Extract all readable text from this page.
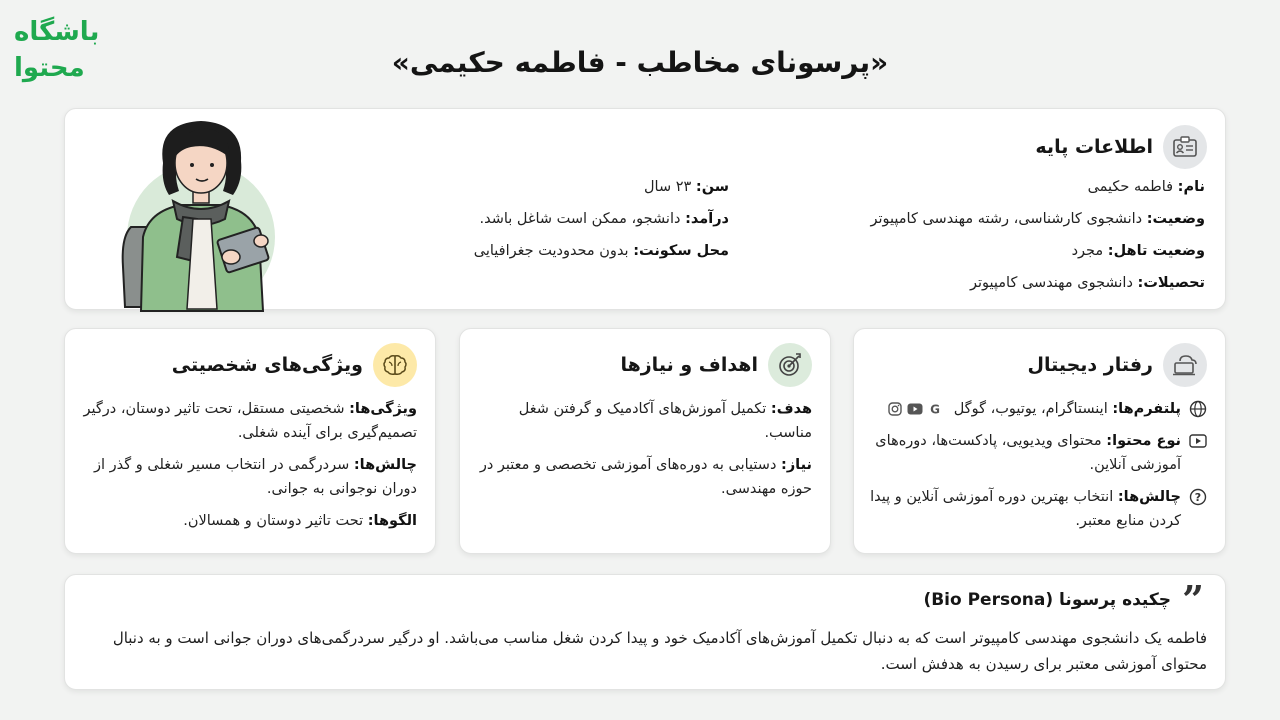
باشگاه
محتوا	«پرسونای مخاطب - فاطمه حکیمی»
اطلاعات پایه
نام: فاطمه حکیمی
وضعیت: دانشجوی کارشناسی، رشته مهندسی کامپیوتر
وضعیت تاهل: مجرد
تحصیلات: دانشجوی مهندسی کامپیوتر
سن: ۲۳ سال
درآمد: دانشجو، ممکن است شاغل باشد.
محل سکونت: بدون محدودیت جغرافیایی
رفتار دیجیتال
پلتفرم‌ها: اینستاگرام، یوتیوب، گوگل
G
نوع محتوا: محتوای ویدیویی، پادکست‌ها، دوره‌های آموزشی آنلاین.
?
چالش‌ها: انتخاب بهترین دوره آموزشی آنلاین و پیدا کردن منابع معتبر.
اهداف و نیازها
هدف: تکمیل آموزش‌های آکادمیک و گرفتن شغل مناسب.
نیاز: دستیابی به دوره‌های آموزشی تخصصی و معتبر در حوزه مهندسی.
ویژگی‌های شخصیتی
ویژگی‌ها: شخصیتی مستقل، تحت تاثیر دوستان، درگیر تصمیم‌گیری برای آینده شغلی.
چالش‌ها: سردرگمی در انتخاب مسیر شغلی و گذر از دوران نوجوانی به جوانی.
الگوها: تحت تاثیر دوستان و همسالان.
”
چکیده پرسونا (Bio Persona)
فاطمه یک دانشجوی مهندسی کامپیوتر است که به دنبال تکمیل آموزش‌های آکادمیک خود و پیدا کردن شغل مناسب می‌باشد. او درگیر سردرگمی‌های دوران جوانی است و به دنبال محتوای آموزشی معتبر برای رسیدن به هدفش است.
